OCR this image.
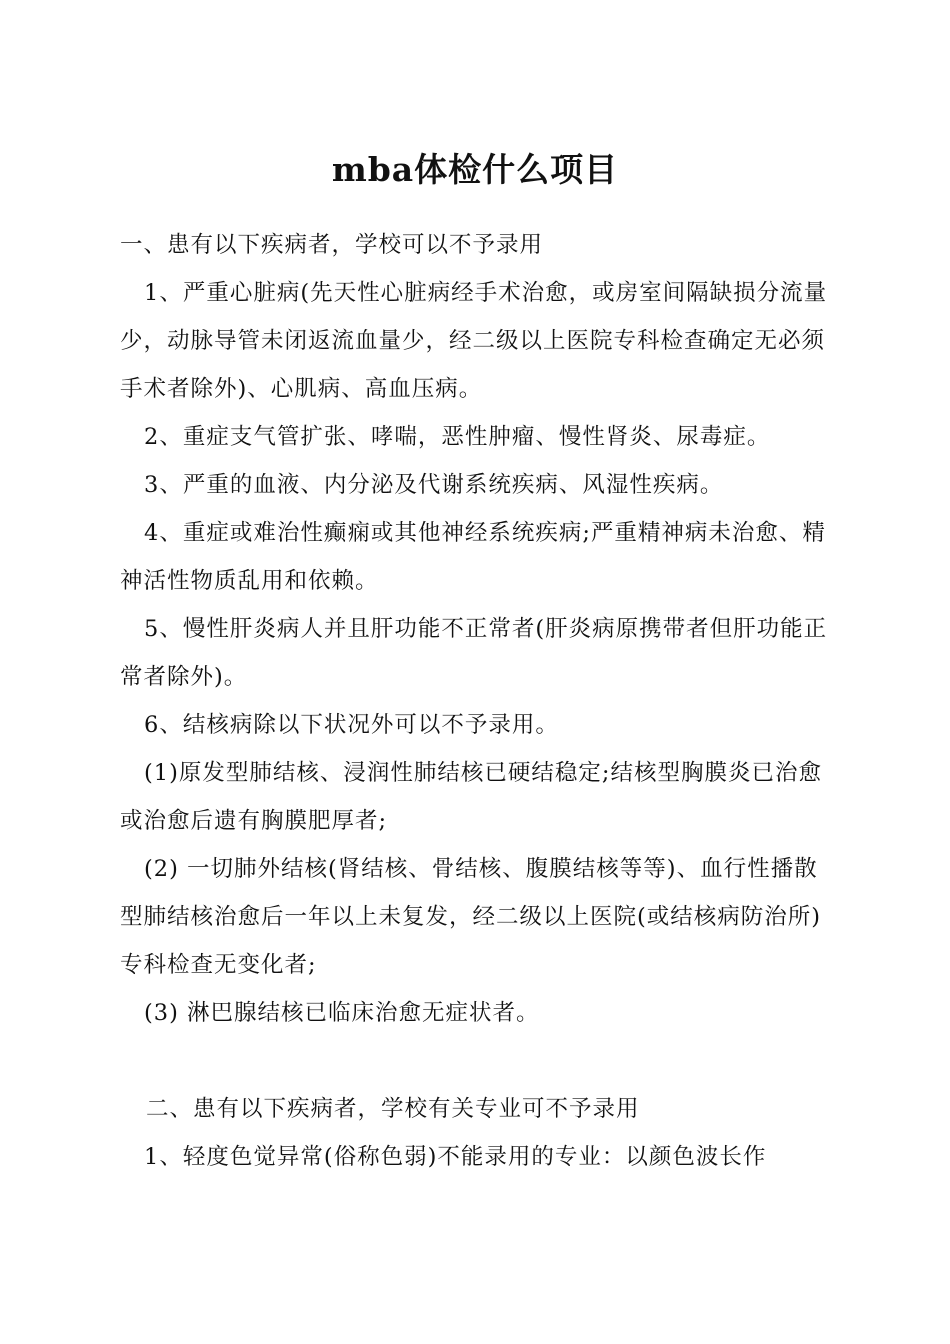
mba体检什么项目

一、患有以下疾病者，学校可以不予录用

1、严重心脏病(先天性心脏病经手术治愈，或房室间隔缺损分流量少，动脉导管未闭返流血量少，经二级以上医院专科检查确定无必须手术者除外)、心肌病、高血压病。

2、重症支气管扩张、哮喘，恶性肿瘤、慢性肾炎、尿毒症。

3、严重的血液、内分泌及代谢系统疾病、风湿性疾病。

4、重症或难治性癫痫或其他神经系统疾病;严重精神病未治愈、精神活性物质乱用和依赖。

5、慢性肝炎病人并且肝功能不正常者(肝炎病原携带者但肝功能正常者除外)。

6、结核病除以下状况外可以不予录用。

(1)原发型肺结核、浸润性肺结核已硬结稳定;结核型胸膜炎已治愈或治愈后遗有胸膜肥厚者;

(2) 一切肺外结核(肾结核、骨结核、腹膜结核等等)、血行性播散型肺结核治愈后一年以上未复发，经二级以上医院(或结核病防治所)专科检查无变化者;

(3) 淋巴腺结核已临床治愈无症状者。

二、患有以下疾病者，学校有关专业可不予录用

1、轻度色觉异常(俗称色弱)不能录用的专业：以颜色波长作
